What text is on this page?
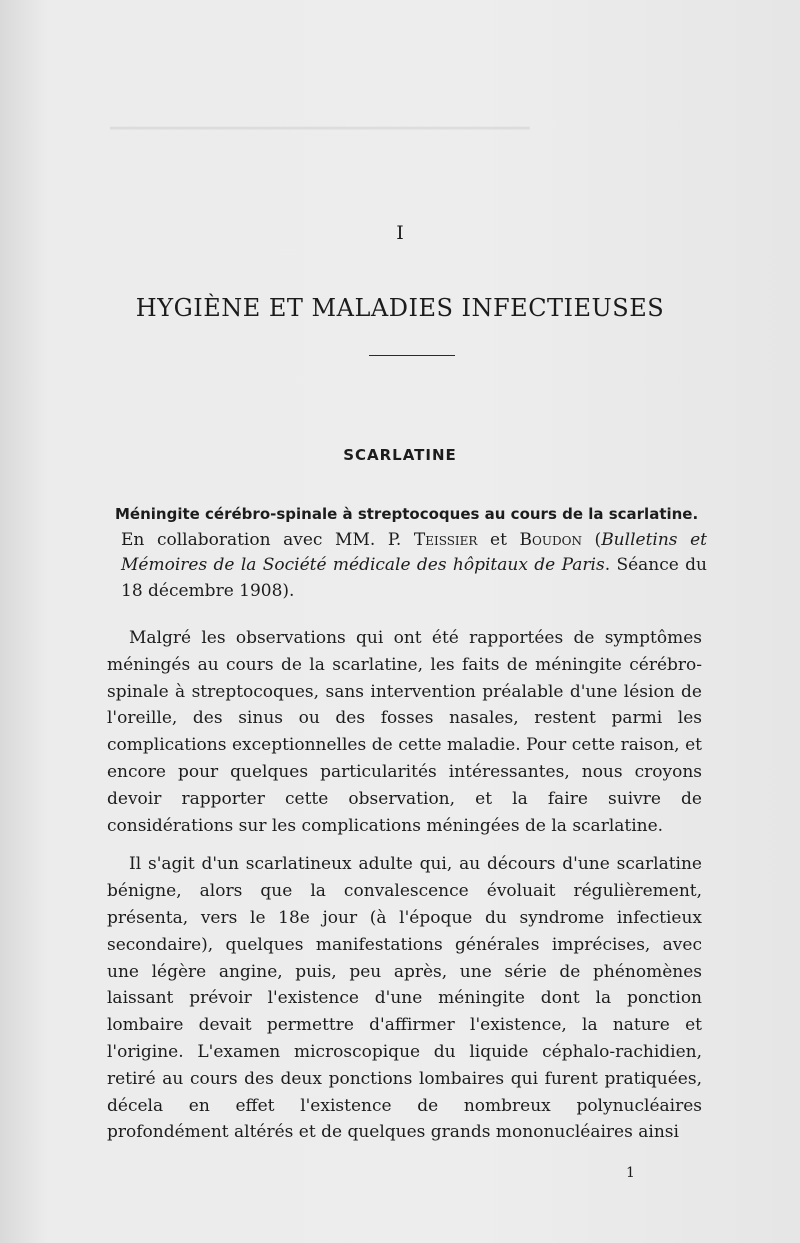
━━━━━━━━━━━━━━━━━━━━━━━━━━━━━━━━━━━━━━━━━
I
HYGIÈNE ET MALADIES INFECTIEUSES
SCARLATINE
Méningite cérébro-spinale à streptocoques au cours de la scarlatine.
En collaboration avec MM. P. Teissier et Boudon (Bulletins et Mémoires de la Société médicale des hôpitaux de Paris. Séance du 18 décembre 1908).

Malgré les observations qui ont été rapportées de symptômes méningés au cours de la scarlatine, les faits de méningite cérébro-spinale à streptocoques, sans intervention préalable d'une lésion de l'oreille, des sinus ou des fosses nasales, restent parmi les complications exceptionnelles de cette maladie. Pour cette raison, et encore pour quelques particularités intéressantes, nous croyons devoir rapporter cette observation, et la faire suivre de considérations sur les complications méningées de la scarlatine.

Il s'agit d'un scarlatineux adulte qui, au décours d'une scarlatine bénigne, alors que la convalescence évoluait régulièrement, présenta, vers le 18e jour (à l'époque du syndrome infectieux secondaire), quelques manifestations générales imprécises, avec une légère angine, puis, peu après, une série de phénomènes laissant prévoir l'existence d'une méningite dont la ponction lombaire devait permettre d'affirmer l'existence, la nature et l'origine. L'examen microscopique du liquide céphalo-rachidien, retiré au cours des deux ponctions lombaires qui furent pratiquées, décela en effet l'existence de nombreux polynucléaires profondément altérés et de quelques grands mononucléaires ainsi

1
